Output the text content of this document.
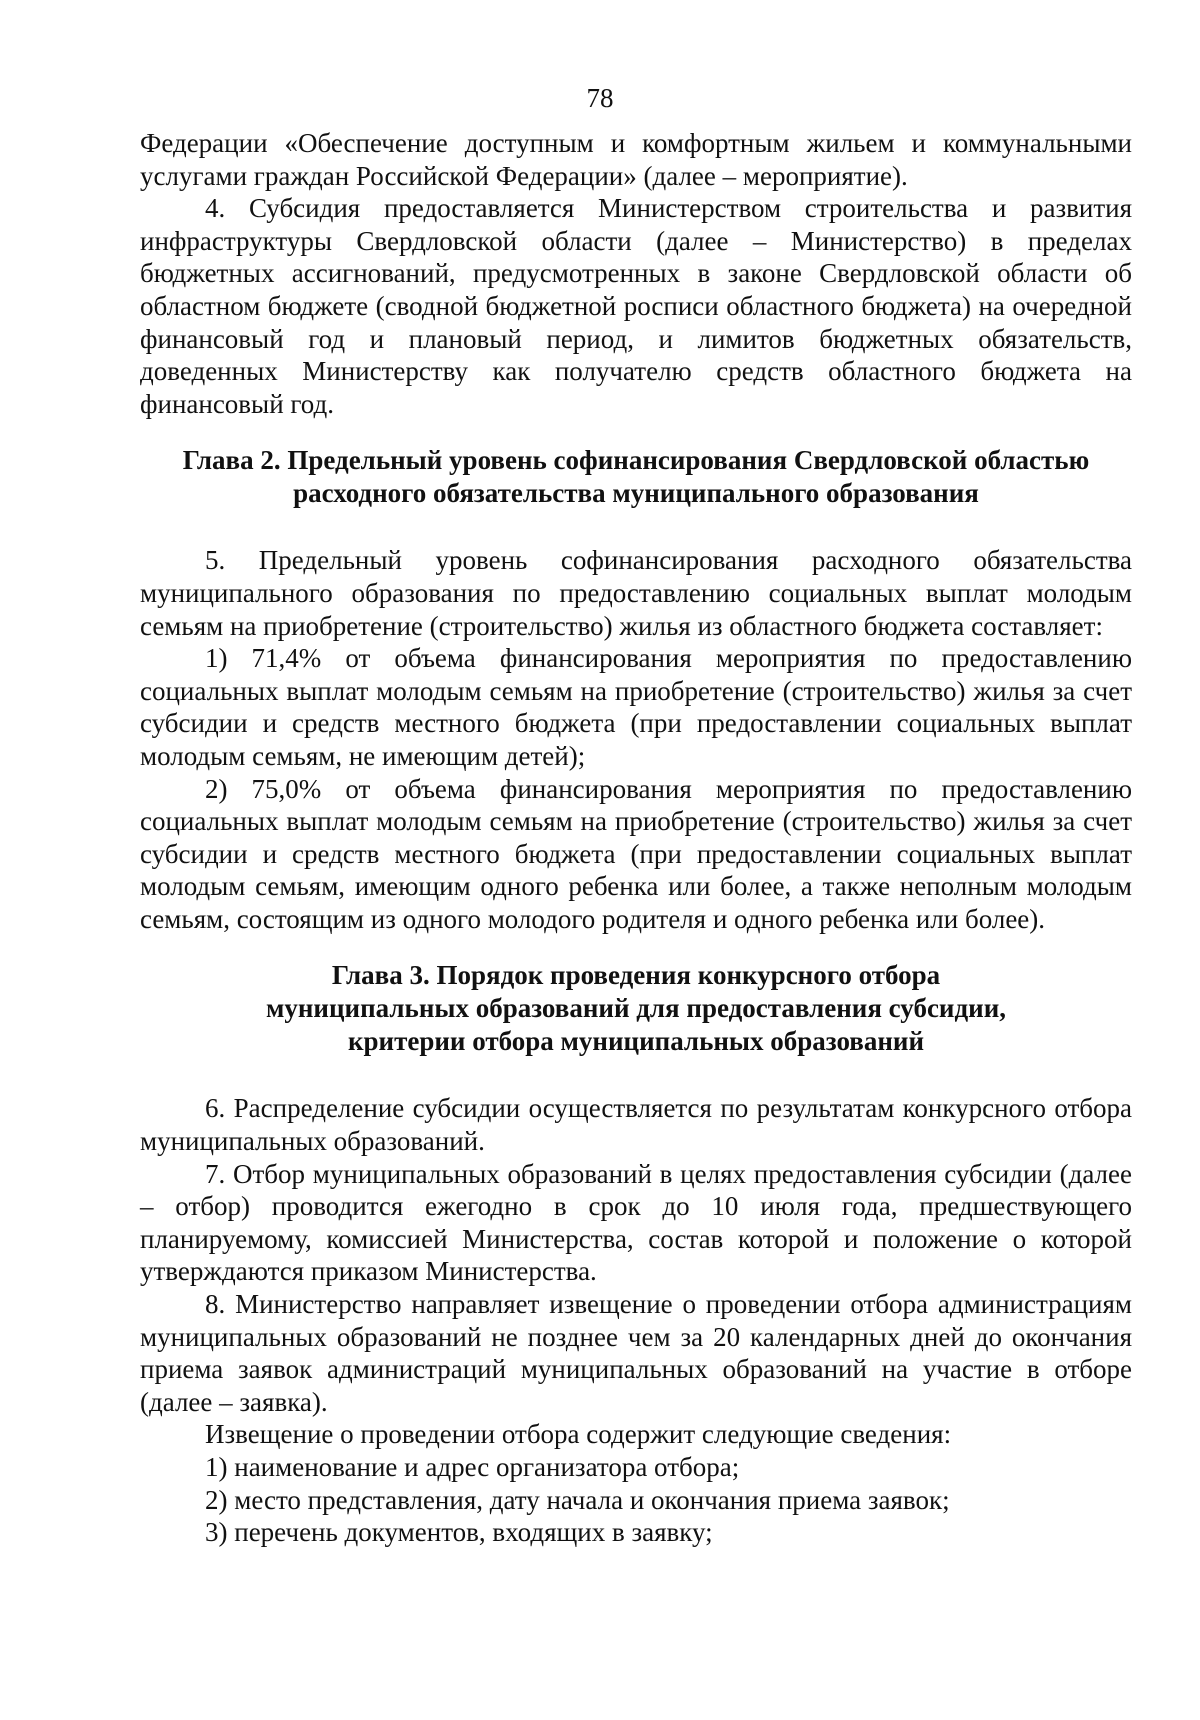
78

Федерации «Обеспечение доступным и комфортным жильем и коммунальными услугами граждан Российской Федерации» (далее – мероприятие).

4. Субсидия предоставляется Министерством строительства и развития инфраструктуры Свердловской области (далее – Министерство) в пределах бюджетных ассигнований, предусмотренных в законе Свердловской области об областном бюджете (сводной бюджетной росписи областного бюджета) на очередной финансовый год и плановый период, и лимитов бюджетных обязательств, доведенных Министерству как получателю средств областного бюджета на финансовый год.

Глава 2. Предельный уровень софинансирования Свердловской областью
расходного обязательства муниципального образования

5. Предельный уровень софинансирования расходного обязательства муниципального образования по предоставлению социальных выплат молодым семьям на приобретение (строительство) жилья из областного бюджета составляет:

1) 71,4% от объема финансирования мероприятия по предоставлению социальных выплат молодым семьям на приобретение (строительство) жилья за счет субсидии и средств местного бюджета (при предоставлении социальных выплат молодым семьям, не имеющим детей);

2) 75,0% от объема финансирования мероприятия по предоставлению социальных выплат молодым семьям на приобретение (строительство) жилья за счет субсидии и средств местного бюджета (при предоставлении социальных выплат молодым семьям, имеющим одного ребенка или более, а также неполным молодым семьям, состоящим из одного молодого родителя и одного ребенка или более).

Глава 3. Порядок проведения конкурсного отбора
муниципальных образований для предоставления субсидии,
критерии отбора муниципальных образований

6. Распределение субсидии осуществляется по результатам конкурсного отбора муниципальных образований.

7. Отбор муниципальных образований в целях предоставления субсидии (далее – отбор) проводится ежегодно в срок до 10 июля года, предшествующего планируемому, комиссией Министерства, состав которой и положение о которой утверждаются приказом Министерства.

8. Министерство направляет извещение о проведении отбора администрациям муниципальных образований не позднее чем за 20 календарных дней до окончания приема заявок администраций муниципальных образований на участие в отборе (далее – заявка).

Извещение о проведении отбора содержит следующие сведения:

1) наименование и адрес организатора отбора;

2) место представления, дату начала и окончания приема заявок;

3) перечень документов, входящих в заявку;
